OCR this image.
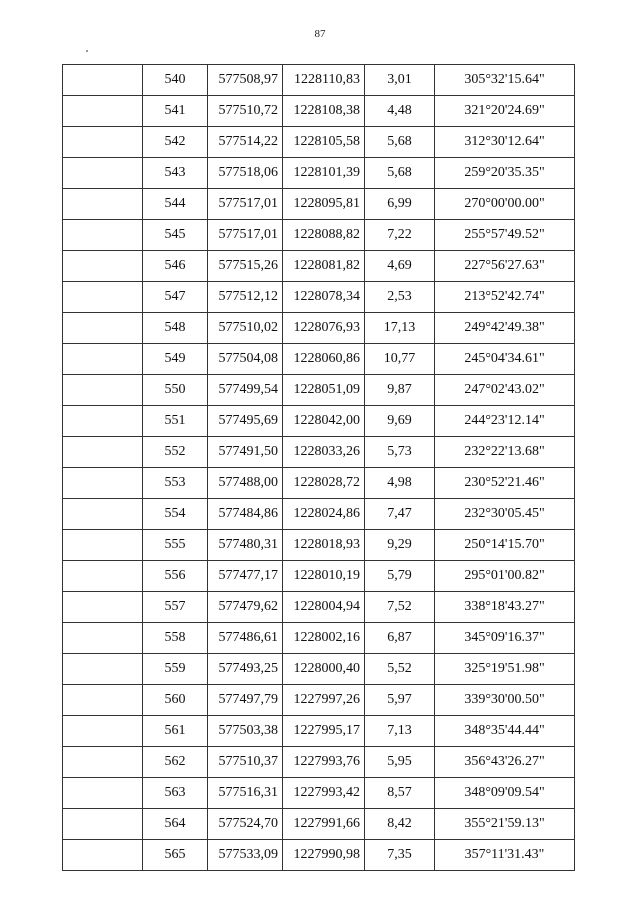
87
	540	577508,97	1228110,83	3,01	305°32'15.64"
	541	577510,72	1228108,38	4,48	321°20'24.69"
	542	577514,22	1228105,58	5,68	312°30'12.64"
	543	577518,06	1228101,39	5,68	259°20'35.35"
	544	577517,01	1228095,81	6,99	270°00'00.00"
	545	577517,01	1228088,82	7,22	255°57'49.52"
	546	577515,26	1228081,82	4,69	227°56'27.63"
	547	577512,12	1228078,34	2,53	213°52'42.74"
	548	577510,02	1228076,93	17,13	249°42'49.38"
	549	577504,08	1228060,86	10,77	245°04'34.61"
	550	577499,54	1228051,09	9,87	247°02'43.02"
	551	577495,69	1228042,00	9,69	244°23'12.14"
	552	577491,50	1228033,26	5,73	232°22'13.68"
	553	577488,00	1228028,72	4,98	230°52'21.46"
	554	577484,86	1228024,86	7,47	232°30'05.45"
	555	577480,31	1228018,93	9,29	250°14'15.70"
	556	577477,17	1228010,19	5,79	295°01'00.82"
	557	577479,62	1228004,94	7,52	338°18'43.27"
	558	577486,61	1228002,16	6,87	345°09'16.37"
	559	577493,25	1228000,40	5,52	325°19'51.98"
	560	577497,79	1227997,26	5,97	339°30'00.50"
	561	577503,38	1227995,17	7,13	348°35'44.44"
	562	577510,37	1227993,76	5,95	356°43'26.27"
	563	577516,31	1227993,42	8,57	348°09'09.54"
	564	577524,70	1227991,66	8,42	355°21'59.13"
	565	577533,09	1227990,98	7,35	357°11'31.43"
